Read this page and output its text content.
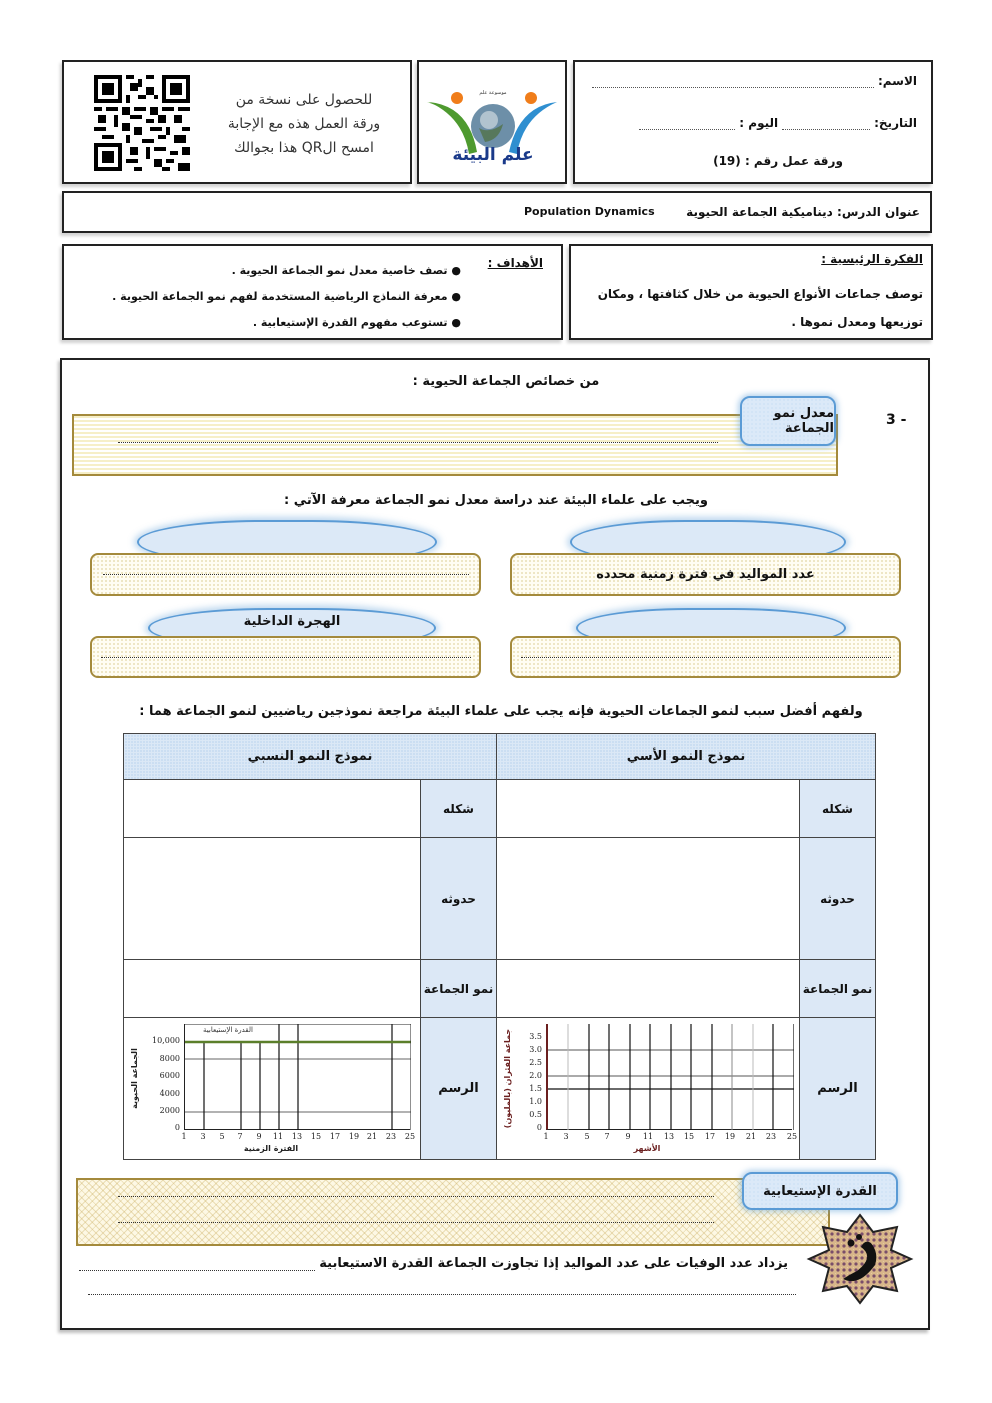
الاسم:
التاريخ:
اليوم :
ورقة عمل رقم : (19)
علم البيئة
موسوعة علم
للحصول على نسخة من
ورقة العمل هذه مع الإجابة
امسح الQR هذا بجوالك
عنوان الدرس: ديناميكية الجماعة الحيوية
Population Dynamics
الفكرة الرئيسية :
توصف جماعات الأنواع الحيوية من خلال كثافتها ، ومكان توزيعها ومعدل نموها .
الأهداف :
● تصف خاصية معدل نمو الجماعة الحيوية .
● معرفة النماذج الرياضية المستخدمة لفهم نمو الجماعة الحيوية .
● تستوعب مفهوم القدرة الإستيعابية .
من خصائص الجماعة الحيوية :
3 -
معدل نمو الجماعة
ويجب على علماء البيئة عند دراسة معدل نمو الجماعة معرفة الآتي :
عدد المواليد في فترة زمنية محدده
الهجرة الداخلية
ولفهم أفضل سبب لنمو الجماعات الحيوية فإنه يجب على علماء البيئة مراجعة نموذجين رياضيين لنمو الجماعة هما :
نموذج النمو الأسي		نموذج النمو النسبي	
شكله		شكله	
حدوثه		حدوثه	
نمو الجماعة		نمو الجماعة	
الرسم		الرسم	
3.5
3.0
2.5
2.0
1.5
1.0
0.5
0
جماعة الفئران (بالمليون)
1	3	5	7	9	11 13 15 17 19 21 23 25
الأشهر
القدرة الإستيعابية
10,000
8000
6000
4000
2000
0
الجماعة الحيوية
1	3	5	7	9	11 13 15 17 19 21 23 25
الفترة الزمنية
القدرة الإستيعابية
يزداد عدد الوفيات على عدد المواليد إذا تجاوزت الجماعة القدرة الاستيعابية
